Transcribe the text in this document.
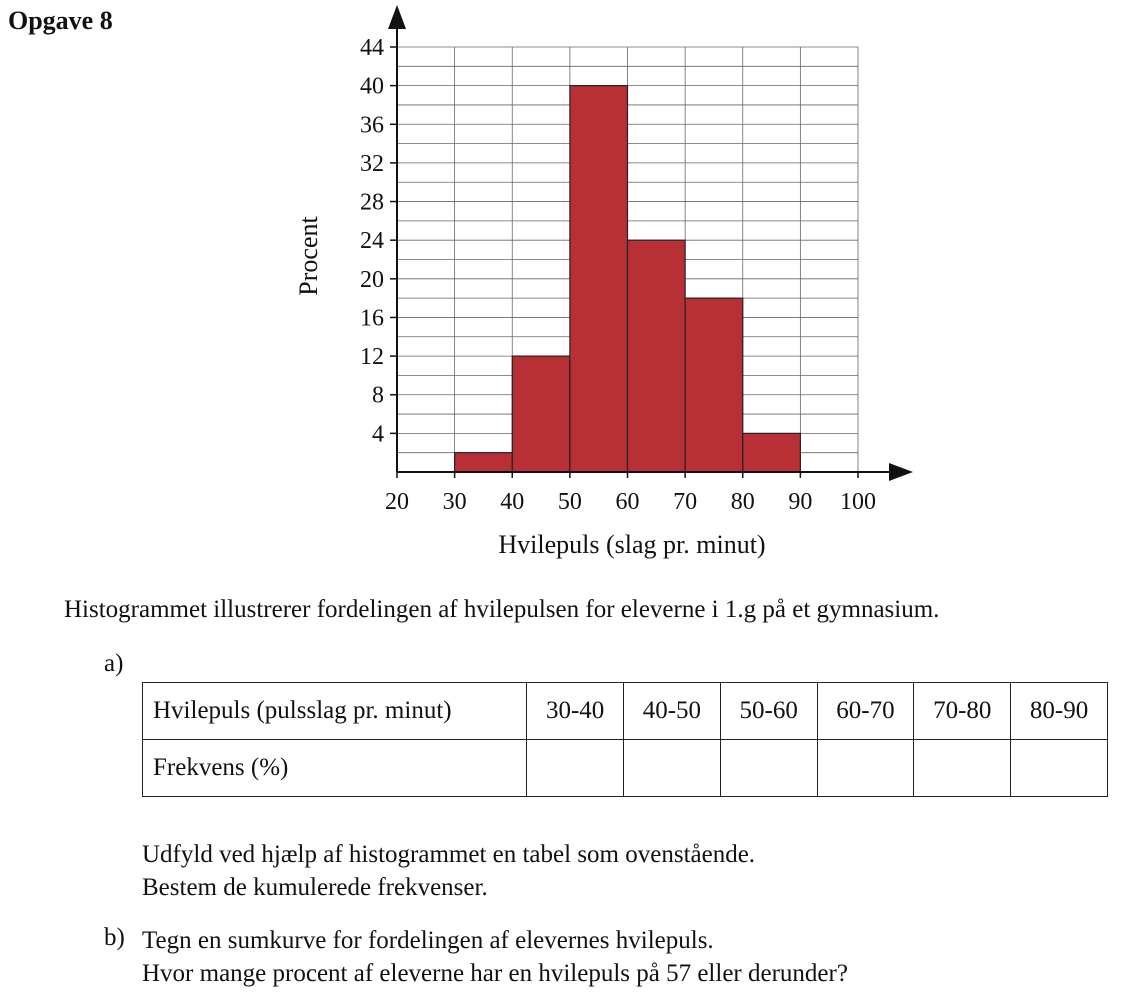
Opgave 8
4
8
12
16
20
24
28
32
36
40
44
20 30 40 50 60 70 80 90 100
Hvilepuls (slag pr. minut)
Procent
Histogrammet illustrerer fordelingen af hvilepulsen for eleverne i 1.g på et gymnasium.
a)
Hvilepuls (pulsslag pr. minut)	30-40	40-50	50-60	60-70	70-80	80-90
Frekvens (%)						
Udfyld ved hjælp af histogrammet en tabel som ovenstående.
Bestem de kumulerede frekvenser.
b) Tegn en sumkurve for fordelingen af elevernes hvilepuls.
Hvor mange procent af eleverne har en hvilepuls på 57 eller derunder?
